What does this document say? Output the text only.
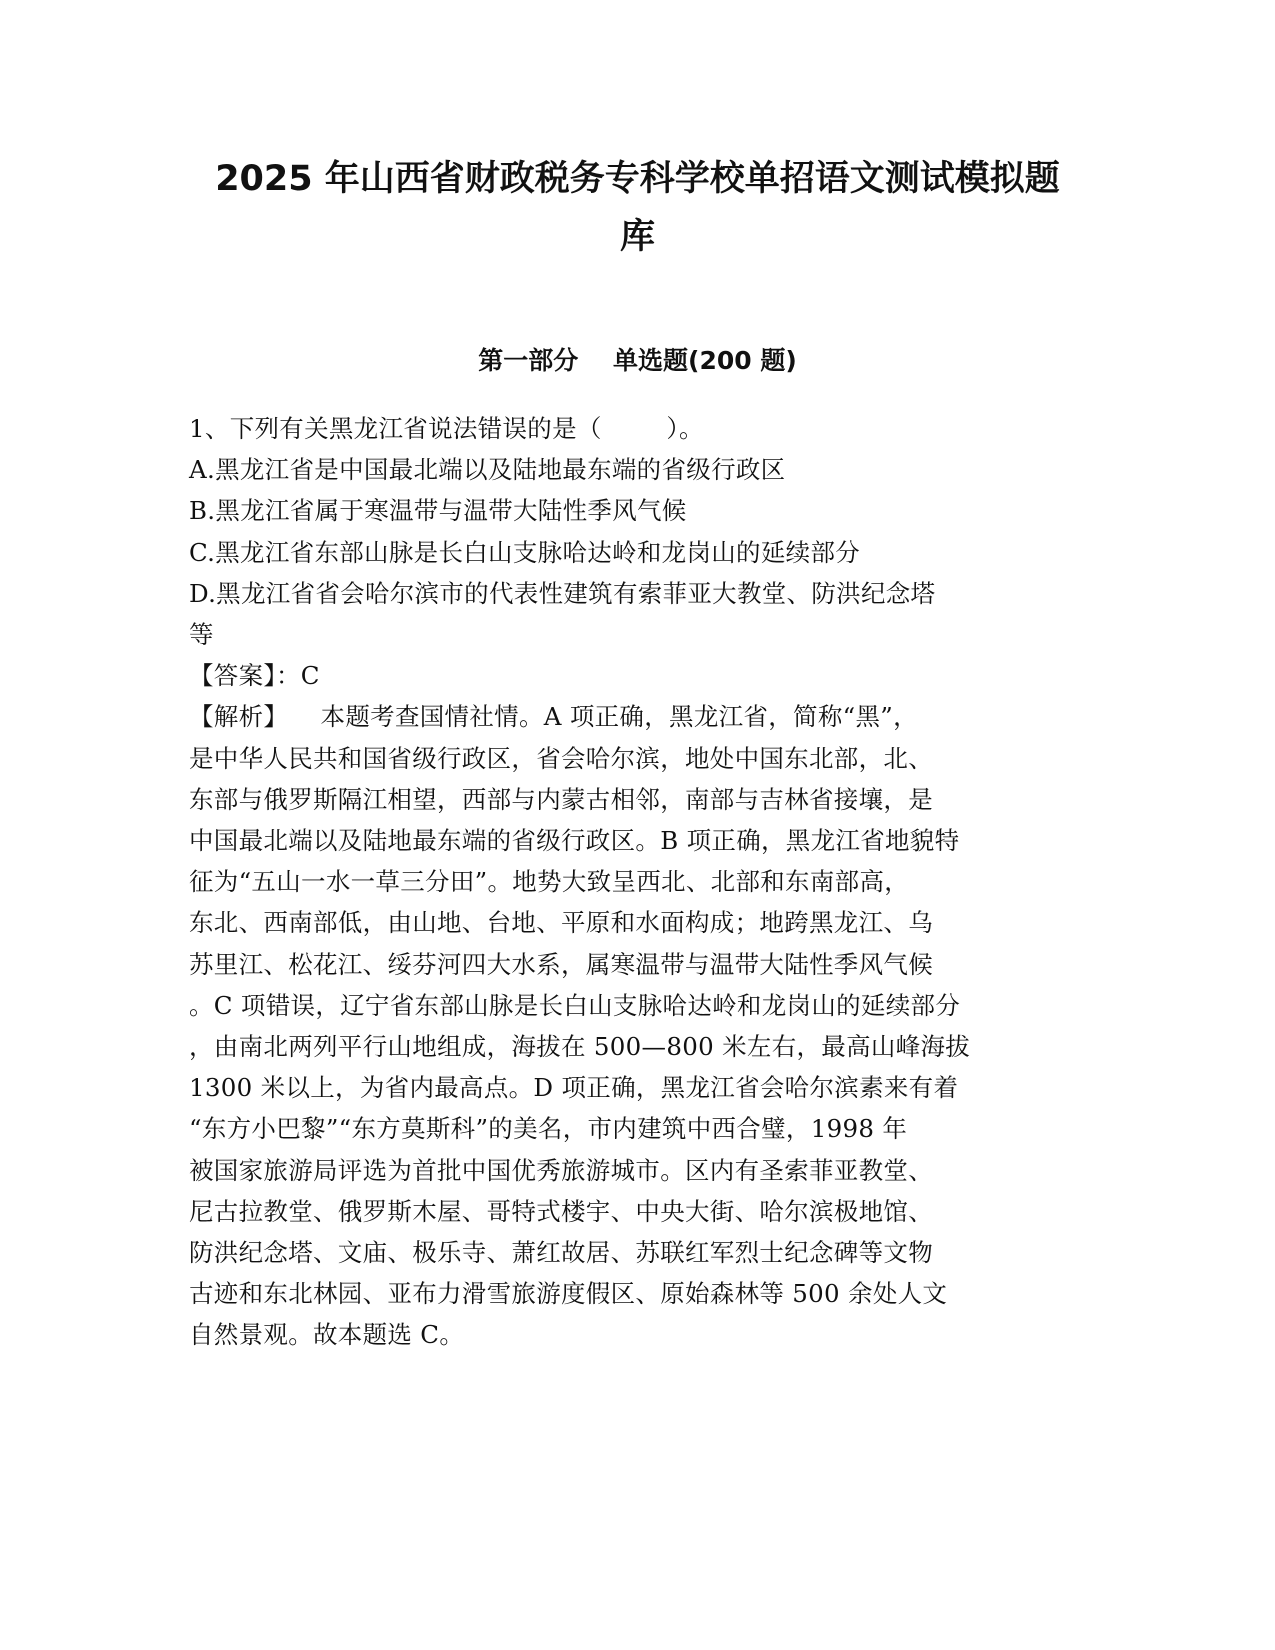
2025 年山西省财政税务专科学校单招语文测试模拟题
库
第一部分    单选题(200 题)
1、下列有关黑龙江省说法错误的是（        ）。
A.黑龙江省是中国最北端以及陆地最东端的省级行政区
B.黑龙江省属于寒温带与温带大陆性季风气候
C.黑龙江省东部山脉是长白山支脉哈达岭和龙岗山的延续部分
D.黑龙江省省会哈尔滨市的代表性建筑有索菲亚大教堂、防洪纪念塔
等
【答案】：C
【解析】    本题考查国情社情。A 项正确，黑龙江省，简称“黑”，
是中华人民共和国省级行政区，省会哈尔滨，地处中国东北部，北、
东部与俄罗斯隔江相望，西部与内蒙古相邻，南部与吉林省接壤，是
中国最北端以及陆地最东端的省级行政区。B 项正确，黑龙江省地貌特
征为“五山一水一草三分田”。地势大致呈西北、北部和东南部高，
东北、西南部低，由山地、台地、平原和水面构成；地跨黑龙江、乌
苏里江、松花江、绥芬河四大水系，属寒温带与温带大陆性季风气候
。C 项错误，辽宁省东部山脉是长白山支脉哈达岭和龙岗山的延续部分
，由南北两列平行山地组成，海拔在 500—800 米左右，最高山峰海拔
1300 米以上，为省内最高点。D 项正确，黑龙江省会哈尔滨素来有着
“东方小巴黎”“东方莫斯科”的美名，市内建筑中西合璧，1998 年
被国家旅游局评选为首批中国优秀旅游城市。区内有圣索菲亚教堂、
尼古拉教堂、俄罗斯木屋、哥特式楼宇、中央大街、哈尔滨极地馆、
防洪纪念塔、文庙、极乐寺、萧红故居、苏联红军烈士纪念碑等文物
古迹和东北林园、亚布力滑雪旅游度假区、原始森林等 500 余处人文
自然景观。故本题选 C。
